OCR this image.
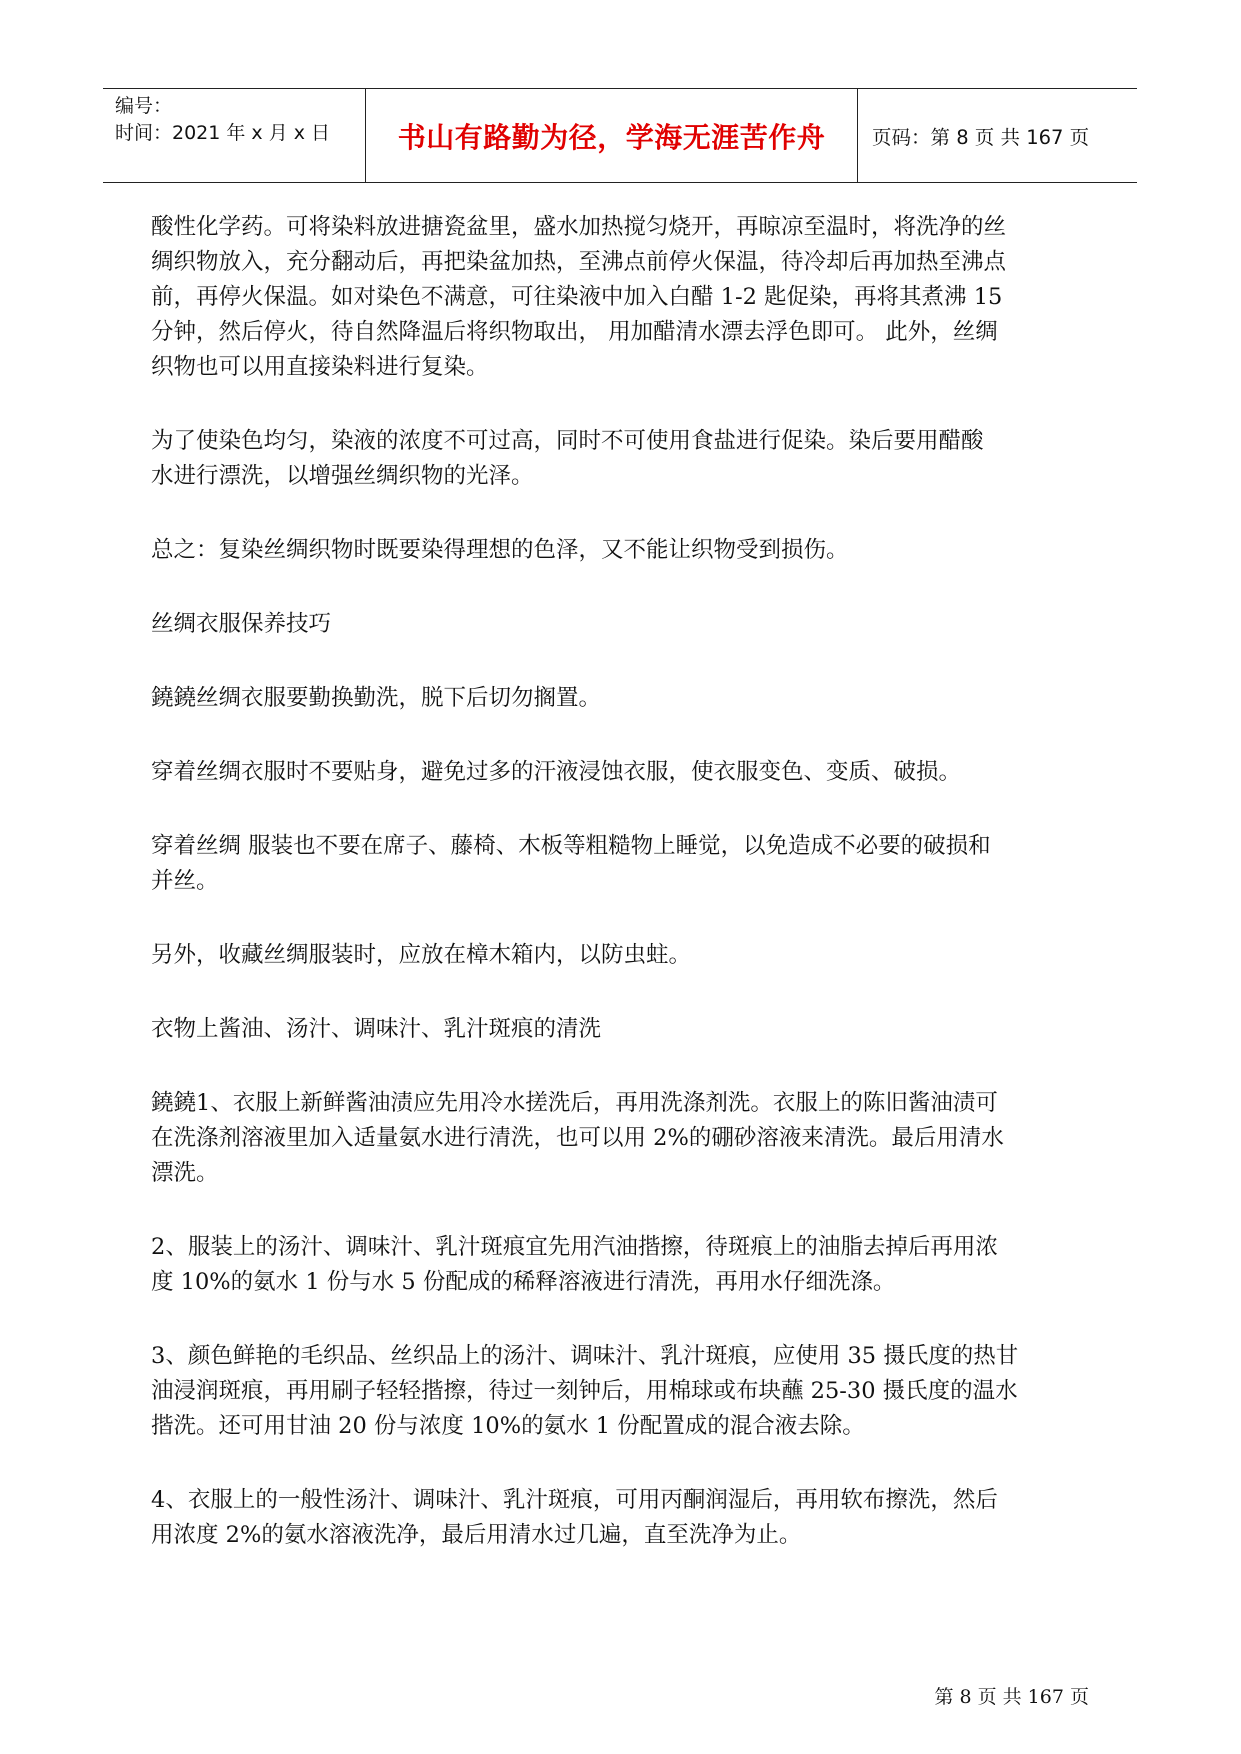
编号：
时间：2021 年 x 月 x 日	书山有路勤为径，学海无涯苦作舟	页码：第 8 页 共 167 页
酸性化学药。可将染料放进搪瓷盆里，盛水加热搅匀烧开，再晾凉至温时，将洗净的丝
绸织物放入，充分翻动后，再把染盆加热，至沸点前停火保温，待冷却后再加热至沸点
前，再停火保温。如对染色不满意，可往染液中加入白醋 1-2 匙促染，再将其煮沸 15
分钟，然后停火，待自然降温后将织物取出， 用加醋清水漂去浮色即可。 此外，丝绸
织物也可以用直接染料进行复染。
为了使染色均匀，染液的浓度不可过高，同时不可使用食盐进行促染。染后要用醋酸
水进行漂洗，以增强丝绸织物的光泽。
总之：复染丝绸织物时既要染得理想的色泽，又不能让织物受到损伤。
丝绸衣服保养技巧
鐃鐃丝绸衣服要勤换勤洗，脱下后切勿搁置。
穿着丝绸衣服时不要贴身，避免过多的汗液浸蚀衣服，使衣服变色、变质、破损。
穿着丝绸 服装也不要在席子、藤椅、木板等粗糙物上睡觉，以免造成不必要的破损和
并丝。
另外，收藏丝绸服装时，应放在樟木箱内，以防虫蛀。
衣物上酱油、汤汁、调味汁、乳汁斑痕的清洗
鐃鐃1、衣服上新鲜酱油渍应先用冷水搓洗后，再用洗涤剂洗。衣服上的陈旧酱油渍可
在洗涤剂溶液里加入适量氨水进行清洗，也可以用 2%的硼砂溶液来清洗。最后用清水
漂洗。
2、服装上的汤汁、调味汁、乳汁斑痕宜先用汽油揩擦，待斑痕上的油脂去掉后再用浓
度 10%的氨水 1 份与水 5 份配成的稀释溶液进行清洗，再用水仔细洗涤。
3、颜色鲜艳的毛织品、丝织品上的汤汁、调味汁、乳汁斑痕，应使用 35 摄氏度的热甘
油浸润斑痕，再用刷子轻轻揩擦，待过一刻钟后，用棉球或布块蘸 25-30 摄氏度的温水
揩洗。还可用甘油 20 份与浓度 10%的氨水 1 份配置成的混合液去除。
4、衣服上的一般性汤汁、调味汁、乳汁斑痕，可用丙酮润湿后，再用软布擦洗，然后
用浓度 2%的氨水溶液洗净，最后用清水过几遍，直至洗净为止。
第 8 页 共 167 页
